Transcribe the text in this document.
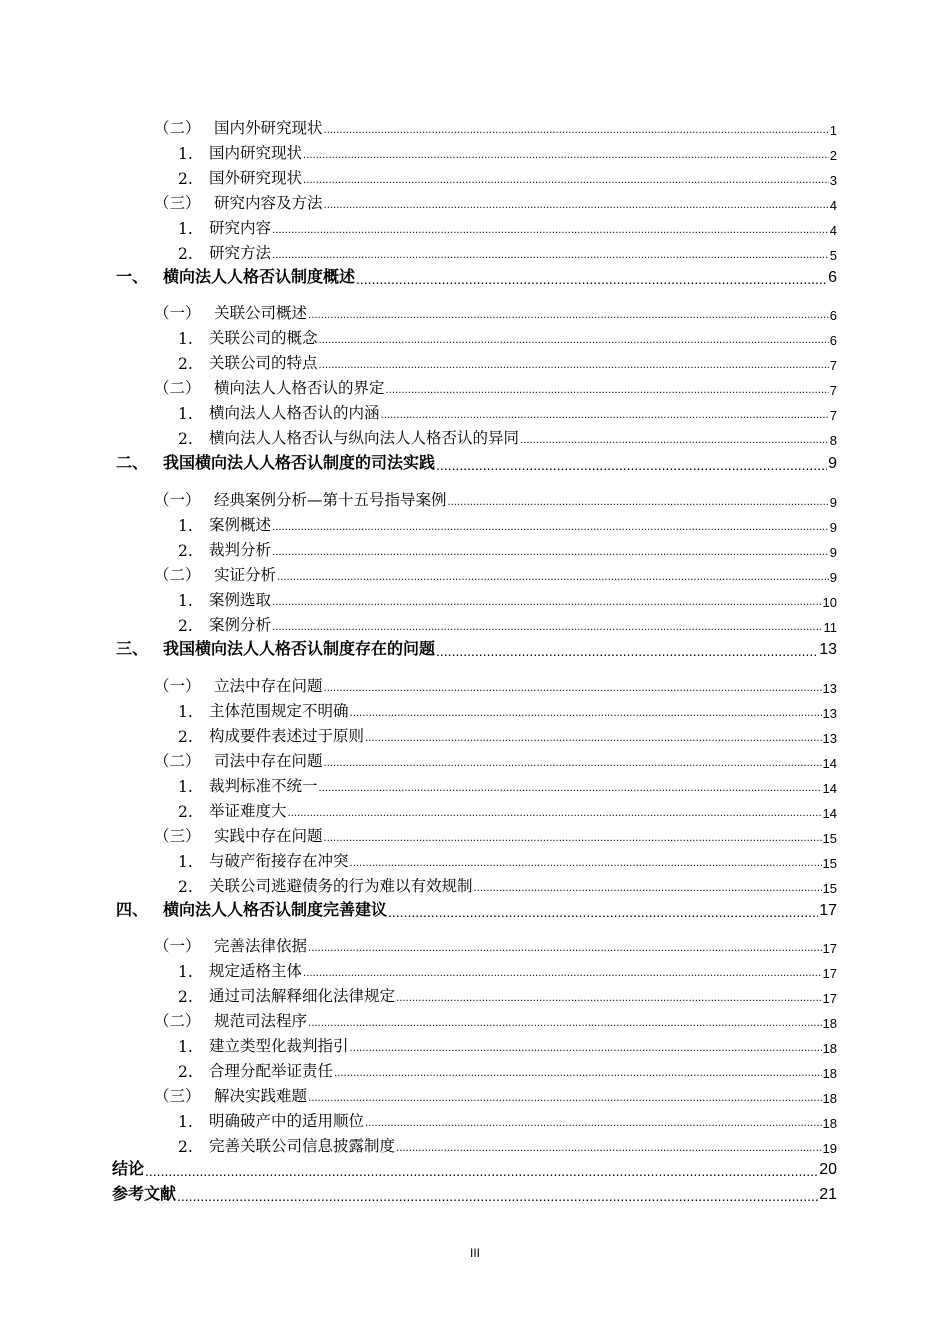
（二） 国内外研究现状 .....	1
1.	国内研究现状 .....	2
2.	国外研究现状 .....	3
（三） 研究内容及方法 .....	4
1.	研究内容 .....	4
2.	研究方法 .....	5
一、 横向法人人格否认制度概述 .....	6
（一） 关联公司概述 .....	6
1.	关联公司的概念 .....	6
2.	关联公司的特点 .....	7
（二） 横向法人人格否认的界定 .....	7
1.	横向法人人格否认的内涵 .....	7
2.	横向法人人格否认与纵向法人人格否认的异同 .....	8
二、 我国横向法人人格否认制度的司法实践 .....	9
（一） 经典案例分析—第十五号指导案例 .....	9
1.	案例概述 .....	9
2.	裁判分析 .....	9
（二） 实证分析 .....	9
1.	案例选取 .....	10
2.	案例分析 .....	11
三、 我国横向法人人格否认制度存在的问题 .....	13
（一） 立法中存在问题 .....	13
1.	主体范围规定不明确 .....	13
2.	构成要件表述过于原则 .....	13
（二） 司法中存在问题 .....	14
1.	裁判标准不统一 .....	14
2.	举证难度大 .....	14
（三） 实践中存在问题 .....	15
1.	与破产衔接存在冲突 .....	15
2.	关联公司逃避债务的行为难以有效规制 .....	15
四、 横向法人人格否认制度完善建议 .....	17
（一） 完善法律依据 .....	17
1.	规定适格主体 .....	17
2.	通过司法解释细化法律规定 .....	17
（二） 规范司法程序 .....	18
1.	建立类型化裁判指引 .....	18
2.	合理分配举证责任 .....	18
（三） 解决实践难题 .....	18
1.	明确破产中的适用顺位 .....	18
2.	完善关联公司信息披露制度 .....	19
结论 .....	20
参考文献 .....	21
III
